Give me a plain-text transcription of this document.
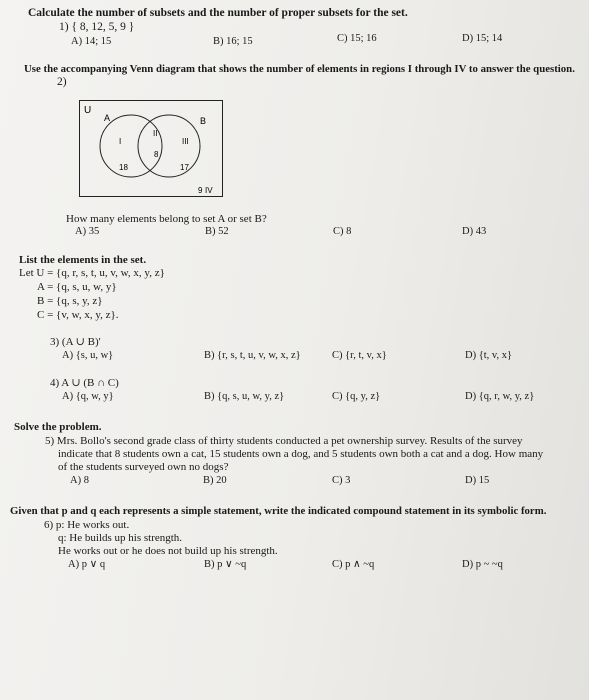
Calculate the number of subsets and the number of proper subsets for the set.
1) { 8, 12, 5, 9 }
A) 14; 15	B) 16; 15	C) 15; 16	D) 15; 14
Use the accompanying Venn diagram that shows the number of elements in regions I through IV to answer the question.
2)
U
A	B
I
II
III
18
8
17
9 IV
How many elements belong to set A or set B?
A) 35	B) 52	C) 8	D) 43
List the elements in the set.
Let U = {q, r, s, t, u, v, w, x, y, z}
A = {q, s, u, w, y}
B = {q, s, y, z}
C = {v, w, x, y, z}.
3) (A ∪ B)'
A) {s, u, w}	B) {r, s, t, u, v, w, x, z}	C) {r, t, v, x}	D) {t, v, x}
4) A ∪ (B ∩ C)
A) {q, w, y}	B) {q, s, u, w, y, z}	C) {q, y, z}	D) {q, r, w, y, z}
Solve the problem.
5) Mrs. Bollo's second grade class of thirty students conducted a pet ownership survey. Results of the survey
indicate that 8 students own a cat, 15 students own a dog, and 5 students own both a cat and a dog. How many
of the students surveyed own no dogs?
A) 8	B) 20	C) 3	D) 15
Given that p and q each represents a simple statement, write the indicated compound statement in its symbolic form.
6) p: He works out.
q: He builds up his strength.
He works out or he does not build up his strength.
A) p ∨ q	B) p ∨ ~q	C) p ∧ ~q	D) p ~ ~q
